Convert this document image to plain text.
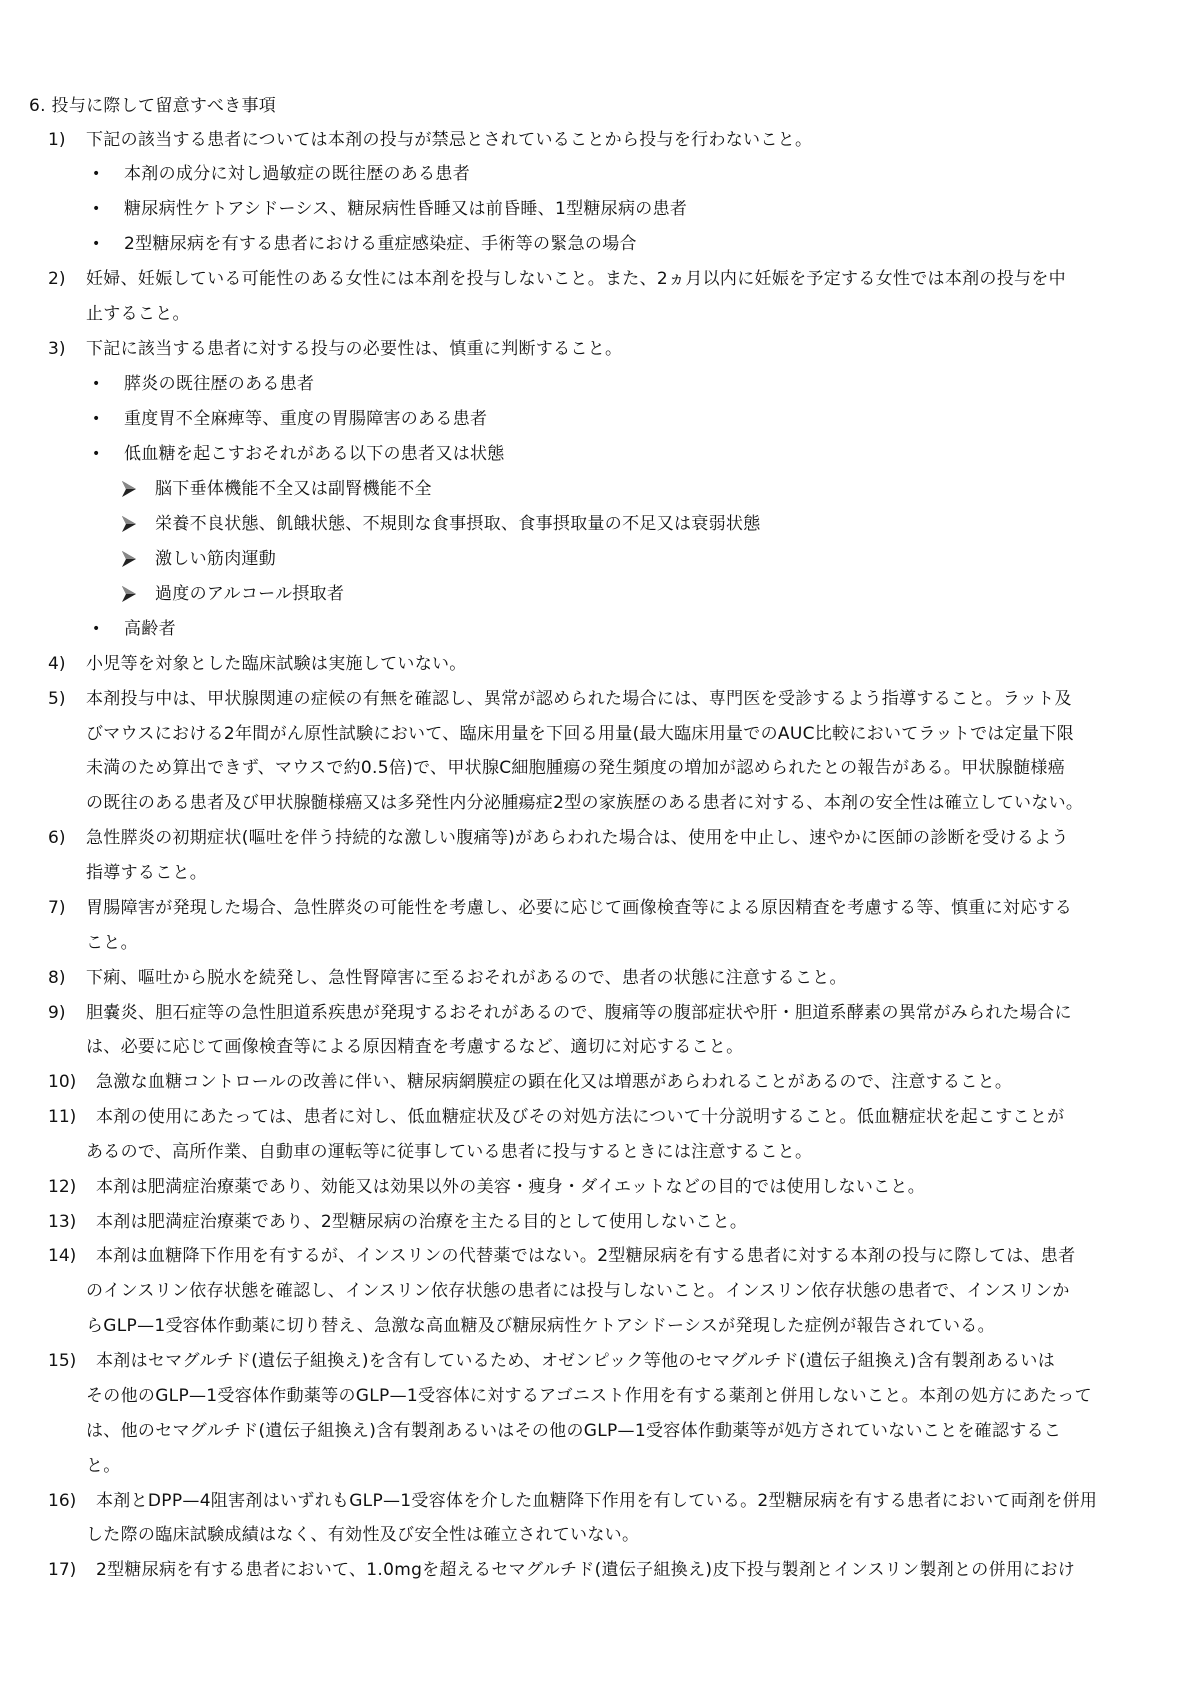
6. 投与に際して留意すべき事項
1) 下記の該当する患者については本剤の投与が禁忌とされていることから投与を行わないこと。
• 本剤の成分に対し過敏症の既往歴のある患者
• 糖尿病性ケトアシドーシス、糖尿病性昏睡又は前昏睡、1型糖尿病の患者
• 2型糖尿病を有する患者における重症感染症、手術等の緊急の場合
2) 妊婦、妊娠している可能性のある女性には本剤を投与しないこと。また、2ヵ月以内に妊娠を予定する女性では本剤の投与を中
止すること。
3) 下記に該当する患者に対する投与の必要性は、慎重に判断すること。
• 膵炎の既往歴のある患者
• 重度胃不全麻痺等、重度の胃腸障害のある患者
• 低血糖を起こすおそれがある以下の患者又は状態
脳下垂体機能不全又は副腎機能不全
栄養不良状態、飢餓状態、不規則な食事摂取、食事摂取量の不足又は衰弱状態
激しい筋肉運動
過度のアルコール摂取者
• 高齢者
4) 小児等を対象とした臨床試験は実施していない。
5) 本剤投与中は、甲状腺関連の症候の有無を確認し、異常が認められた場合には、専門医を受診するよう指導すること。ラット及
びマウスにおける2年間がん原性試験において、臨床用量を下回る用量(最大臨床用量でのAUC比較においてラットでは定量下限
未満のため算出できず、マウスで約0.5倍)で、甲状腺C細胞腫瘍の発生頻度の増加が認められたとの報告がある。甲状腺髄様癌
の既往のある患者及び甲状腺髄様癌又は多発性内分泌腫瘍症2型の家族歴のある患者に対する、本剤の安全性は確立していない。
6) 急性膵炎の初期症状(嘔吐を伴う持続的な激しい腹痛等)があらわれた場合は、使用を中止し、速やかに医師の診断を受けるよう
指導すること。
7) 胃腸障害が発現した場合、急性膵炎の可能性を考慮し、必要に応じて画像検査等による原因精査を考慮する等、慎重に対応する
こと。
8) 下痢、嘔吐から脱水を続発し、急性腎障害に至るおそれがあるので、患者の状態に注意すること。
9) 胆嚢炎、胆石症等の急性胆道系疾患が発現するおそれがあるので、腹痛等の腹部症状や肝・胆道系酵素の異常がみられた場合に
は、必要に応じて画像検査等による原因精査を考慮するなど、適切に対応すること。
10) 急激な血糖コントロールの改善に伴い、糖尿病網膜症の顕在化又は増悪があらわれることがあるので、注意すること。
11) 本剤の使用にあたっては、患者に対し、低血糖症状及びその対処方法について十分説明すること。低血糖症状を起こすことが
あるので、高所作業、自動車の運転等に従事している患者に投与するときには注意すること。
12) 本剤は肥満症治療薬であり、効能又は効果以外の美容・痩身・ダイエットなどの目的では使用しないこと。
13) 本剤は肥満症治療薬であり、2型糖尿病の治療を主たる目的として使用しないこと。
14) 本剤は血糖降下作用を有するが、インスリンの代替薬ではない。2型糖尿病を有する患者に対する本剤の投与に際しては、患者
のインスリン依存状態を確認し、インスリン依存状態の患者には投与しないこと。インスリン依存状態の患者で、インスリンか
らGLP—1受容体作動薬に切り替え、急激な高血糖及び糖尿病性ケトアシドーシスが発現した症例が報告されている。
15) 本剤はセマグルチド(遺伝子組換え)を含有しているため、オゼンピック等他のセマグルチド(遺伝子組換え)含有製剤あるいは
その他のGLP—1受容体作動薬等のGLP—1受容体に対するアゴニスト作用を有する薬剤と併用しないこと。本剤の処方にあたって
は、他のセマグルチド(遺伝子組換え)含有製剤あるいはその他のGLP—1受容体作動薬等が処方されていないことを確認するこ
と。
16) 本剤とDPP—4阻害剤はいずれもGLP—1受容体を介した血糖降下作用を有している。2型糖尿病を有する患者において両剤を併用
した際の臨床試験成績はなく、有効性及び安全性は確立されていない。
17) 2型糖尿病を有する患者において、1.0mgを超えるセマグルチド(遺伝子組換え)皮下投与製剤とインスリン製剤との併用におけ
